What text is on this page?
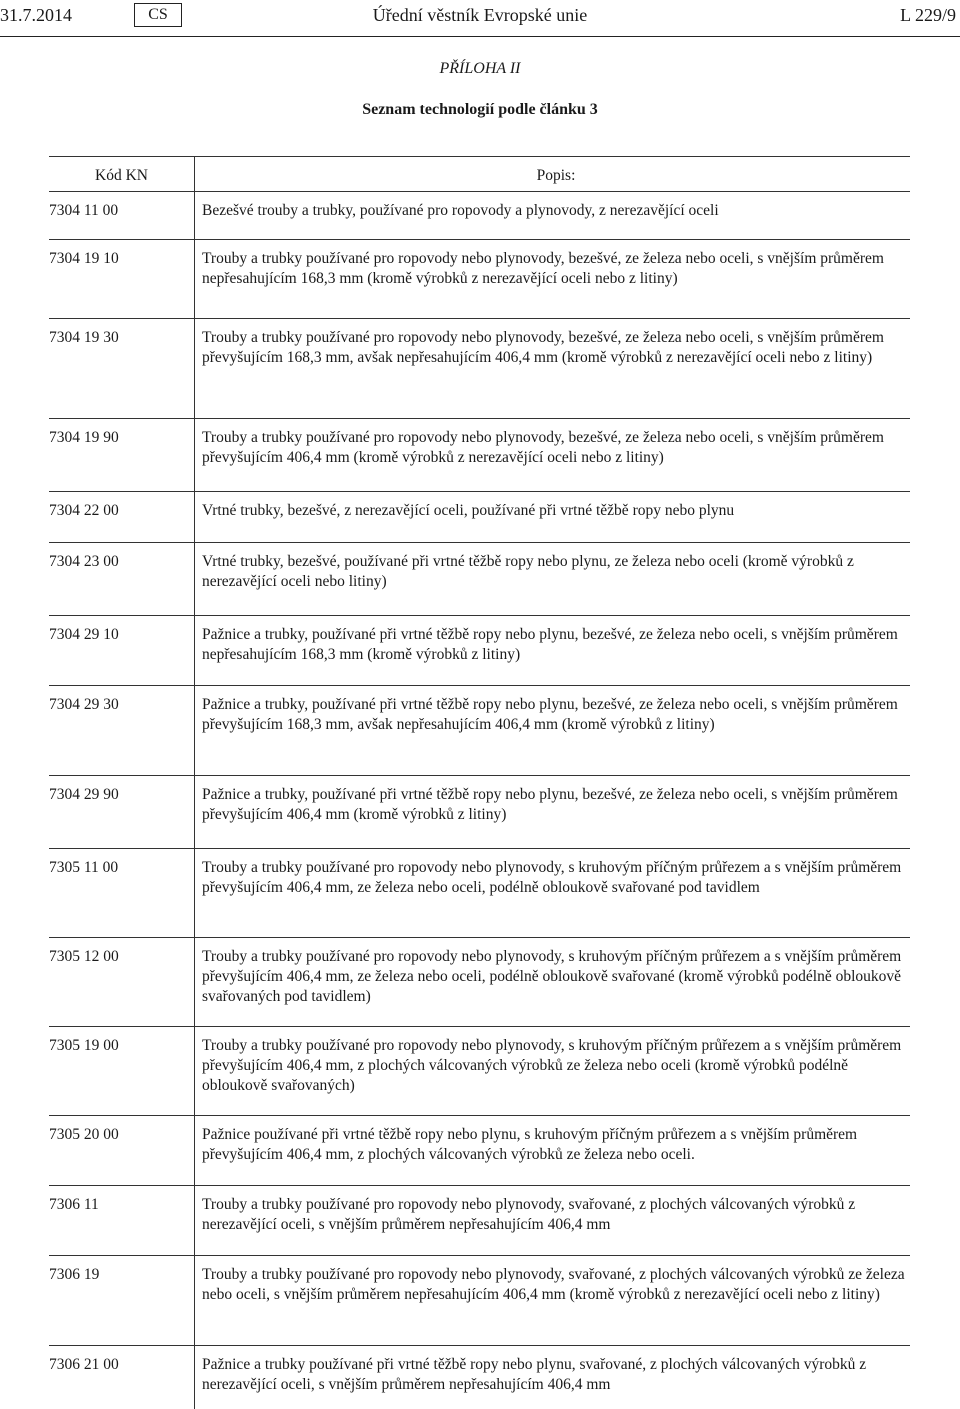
31.7.2014	CS	Úřední věstník Evropské unie	L 229/9
PŘÍLOHA II
Seznam technologií podle článku 3
Kód KN	Popis:
7304 11 00	Bezešvé trouby a trubky, používané pro ropovody a plynovody, z nerezavějící oceli
7304 19 10	Trouby a trubky používané pro ropovody nebo plynovody, bezešvé, ze železa nebo oceli, s vnějším průměrem nepřesahujícím 168,3 mm (kromě výrobků z nerezavějící oceli nebo z litiny)
7304 19 30	Trouby a trubky používané pro ropovody nebo plynovody, bezešvé, ze železa nebo oceli, s vnějším průměrem převyšujícím 168,3 mm, avšak nepřesahujícím 406,4 mm (kromě výrobků z nerezavějící oceli nebo z litiny)
7304 19 90	Trouby a trubky používané pro ropovody nebo plynovody, bezešvé, ze železa nebo oceli, s vnějším průměrem převyšujícím 406,4 mm (kromě výrobků z nerezavějící oceli nebo z litiny)
7304 22 00	Vrtné trubky, bezešvé, z nerezavějící oceli, používané při vrtné těžbě ropy nebo plynu
7304 23 00	Vrtné trubky, bezešvé, používané při vrtné těžbě ropy nebo plynu, ze železa nebo oceli (kromě výrobků z nerezavějící oceli nebo litiny)
7304 29 10	Pažnice a trubky, používané při vrtné těžbě ropy nebo plynu, bezešvé, ze železa nebo oceli, s vnějším průměrem nepřesahujícím 168,3 mm (kromě výrobků z litiny)
7304 29 30	Pažnice a trubky, používané při vrtné těžbě ropy nebo plynu, bezešvé, ze železa nebo oceli, s vnějším průměrem převyšujícím 168,3 mm, avšak nepřesahujícím 406,4 mm (kromě výrobků z litiny)
7304 29 90	Pažnice a trubky, používané při vrtné těžbě ropy nebo plynu, bezešvé, ze železa nebo oceli, s vnějším průměrem převyšujícím 406,4 mm (kromě výrobků z litiny)
7305 11 00	Trouby a trubky používané pro ropovody nebo plynovody, s kruhovým příčným průřezem a s vnějším průměrem převyšujícím 406,4 mm, ze železa nebo oceli, podélně obloukově svařované pod tavidlem
7305 12 00	Trouby a trubky používané pro ropovody nebo plynovody, s kruhovým příčným průřezem a s vnějším průměrem převyšujícím 406,4 mm, ze železa nebo oceli, podélně obloukově svařované (kromě výrobků podélně obloukově svařovaných pod tavidlem)
7305 19 00	Trouby a trubky používané pro ropovody nebo plynovody, s kruhovým příčným průřezem a s vnějším průměrem převyšujícím 406,4 mm, z plochých válcovaných výrobků ze železa nebo oceli (kromě výrobků podélně obloukově svařovaných)
7305 20 00	Pažnice používané při vrtné těžbě ropy nebo plynu, s kruhovým příčným průřezem a s vnějším průměrem převyšujícím 406,4 mm, z plochých válcovaných výrobků ze železa nebo oceli.
7306 11	Trouby a trubky používané pro ropovody nebo plynovody, svařované, z plochých válcovaných výrobků z nerezavějící oceli, s vnějším průměrem nepřesahujícím 406,4 mm
7306 19	Trouby a trubky používané pro ropovody nebo plynovody, svařované, z plochých válcovaných výrobků ze železa nebo oceli, s vnějším průměrem nepřesahujícím 406,4 mm (kromě výrobků z nerezavějící oceli nebo z litiny)
7306 21 00	Pažnice a trubky používané při vrtné těžbě ropy nebo plynu, svařované, z plochých válcovaných výrobků z nerezavějící oceli, s vnějším průměrem nepřesahujícím 406,4 mm
